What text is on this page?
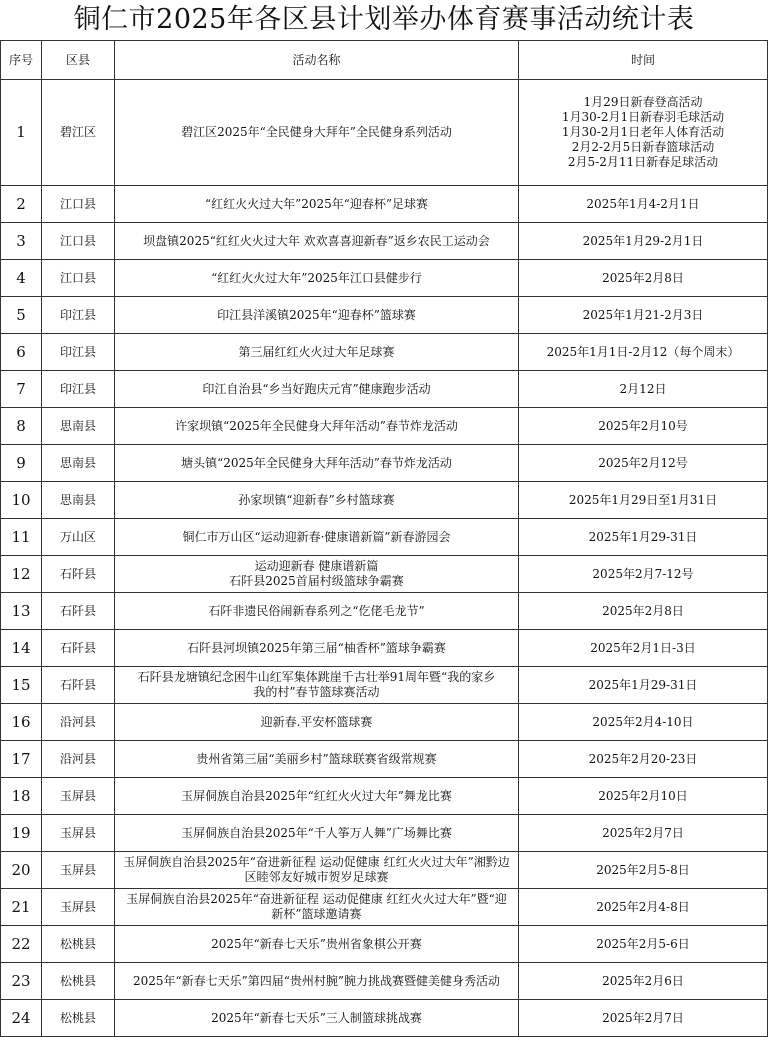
铜仁市2025年各区县计划举办体育赛事活动统计表
序号	区县	活动名称	时间
1	碧江区	碧江区2025年“全民健身大拜年”全民健身系列活动	1月29日新春登高活动
1月30-2月1日新春羽毛球活动
1月30-2月1日老年人体育活动
2月2-2月5日新春篮球活动
2月5-2月11日新春足球活动

2	江口县	“红红火火过大年”2025年“迎春杯”足球赛	2025年1月4-2月1日

3	江口县	坝盘镇2025“红红火火过大年 欢欢喜喜迎新春”返乡农民工运动会	2025年1月29-2月1日

4	江口县	“红红火火过大年”2025年江口县健步行	2025年2月8日

5	印江县	印江县洋溪镇2025年“迎春杯”篮球赛	2025年1月21-2月3日

6	印江县	第三届红红火火过大年足球赛	2025年1月1日-2月12（每个周末）

7	印江县	印江自治县“乡当好跑庆元宵”健康跑步活动	2月12日

8	思南县	许家坝镇“2025年全民健身大拜年活动”春节炸龙活动	2025年2月10号

9	思南县	塘头镇“2025年全民健身大拜年活动”春节炸龙活动	2025年2月12号

10	思南县	孙家坝镇“迎新春”乡村篮球赛	2025年1月29日至1月31日

11	万山区	铜仁市万山区“运动迎新春·健康谱新篇”新春游园会	2025年1月29-31日

12	石阡县	运动迎新春 健康谱新篇
石阡县2025首届村级篮球争霸赛	2025年2月7-12号

13	石阡县	石阡非遗民俗闹新春系列之“仡佬毛龙节”	2025年2月8日

14	石阡县	石阡县河坝镇2025年第三届“柚香杯”篮球争霸赛	2025年2月1日-3日

15	石阡县	石阡县龙塘镇纪念困牛山红军集体跳崖千古壮举91周年暨“我的家乡
我的村”春节篮球赛活动	2025年1月29-31日

16	沿河县	迎新春.平安杯篮球赛	2025年2月4-10日

17	沿河县	贵州省第三届“美丽乡村”篮球联赛省级常规赛	2025年2月20-23日

18	玉屏县	玉屏侗族自治县2025年“红红火火过大年”舞龙比赛	2025年2月10日

19	玉屏县	玉屏侗族自治县2025年“千人筝万人舞”广场舞比赛	2025年2月7日

20	玉屏县	玉屏侗族自治县2025年“奋进新征程 运动促健康 红红火火过大年”湘黔边
区睦邻友好城市贺岁足球赛	2025年2月5-8日

21	玉屏县	玉屏侗族自治县2025年“奋进新征程 运动促健康 红红火火过大年”暨“迎
新杯”篮球邀请赛	2025年2月4-8日

22	松桃县	2025年“新春七天乐”贵州省象棋公开赛	2025年2月5-6日

23	松桃县	2025年“新春七天乐”第四届“贵州村腕”腕力挑战赛暨健美健身秀活动	2025年2月6日

24	松桃县	2025年“新春七天乐”三人制篮球挑战赛	2025年2月7日
